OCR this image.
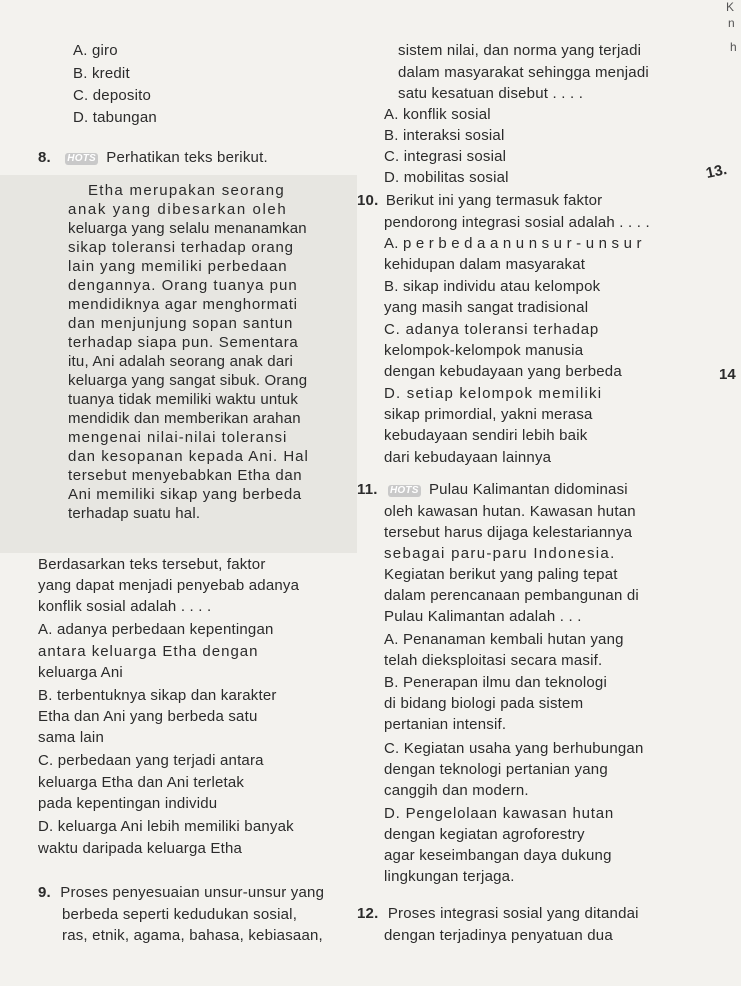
A. giro
B. kredit
C. deposito
D. tabungan
8. HOTS Perhatikan teks berikut.
Etha merupakan seorang
anak yang dibesarkan oleh
keluarga yang selalu menanamkan
sikap toleransi terhadap orang
lain yang memiliki perbedaan
dengannya. Orang tuanya pun
mendidiknya agar menghormati
dan menjunjung sopan santun
terhadap siapa pun. Sementara
itu, Ani adalah seorang anak dari
keluarga yang sangat sibuk. Orang
tuanya tidak memiliki waktu untuk
mendidik dan memberikan arahan
mengenai nilai-nilai toleransi
dan kesopanan kepada Ani. Hal
tersebut menyebabkan Etha dan
Ani memiliki sikap yang berbeda
terhadap suatu hal.
Berdasarkan teks tersebut, faktor
yang dapat menjadi penyebab adanya
konflik sosial adalah . . . .
A. adanya perbedaan kepentingan
antara keluarga Etha dengan
keluarga Ani
B. terbentuknya sikap dan karakter
Etha dan Ani yang berbeda satu
sama lain
C. perbedaan yang terjadi antara
keluarga Etha dan Ani terletak
pada kepentingan individu
D. keluarga Ani lebih memiliki banyak
waktu daripada keluarga Etha
9. Proses penyesuaian unsur-unsur yang
berbeda seperti kedudukan sosial,
ras, etnik, agama, bahasa, kebiasaan,
sistem nilai, dan norma yang terjadi
dalam masyarakat sehingga menjadi
satu kesatuan disebut . . . .
A. konflik sosial
B. interaksi sosial
C. integrasi sosial
D. mobilitas sosial
10. Berikut ini yang termasuk faktor
pendorong integrasi sosial adalah . . . .
A. p e r b e d a a n u n s u r - u n s u r
kehidupan dalam masyarakat
B. sikap individu atau kelompok
yang masih sangat tradisional
C. adanya toleransi terhadap
kelompok-kelompok manusia
dengan kebudayaan yang berbeda
D. setiap kelompok memiliki
sikap primordial, yakni merasa
kebudayaan sendiri lebih baik
dari kebudayaan lainnya
11. HOTS Pulau Kalimantan didominasi
oleh kawasan hutan. Kawasan hutan
tersebut harus dijaga kelestariannya
sebagai paru-paru Indonesia.
Kegiatan berikut yang paling tepat
dalam perencanaan pembangunan di
Pulau Kalimantan adalah . . .
A. Penanaman kembali hutan yang
telah dieksploitasi secara masif.
B. Penerapan ilmu dan teknologi
di bidang biologi pada sistem
pertanian intensif.
C. Kegiatan usaha yang berhubungan
dengan teknologi pertanian yang
canggih dan modern.
D. Pengelolaan kawasan hutan
dengan kegiatan agroforestry
agar keseimbangan daya dukung
lingkungan terjaga.
12. Proses integrasi sosial yang ditandai
dengan terjadinya penyatuan dua
13.
14
K
n
h
